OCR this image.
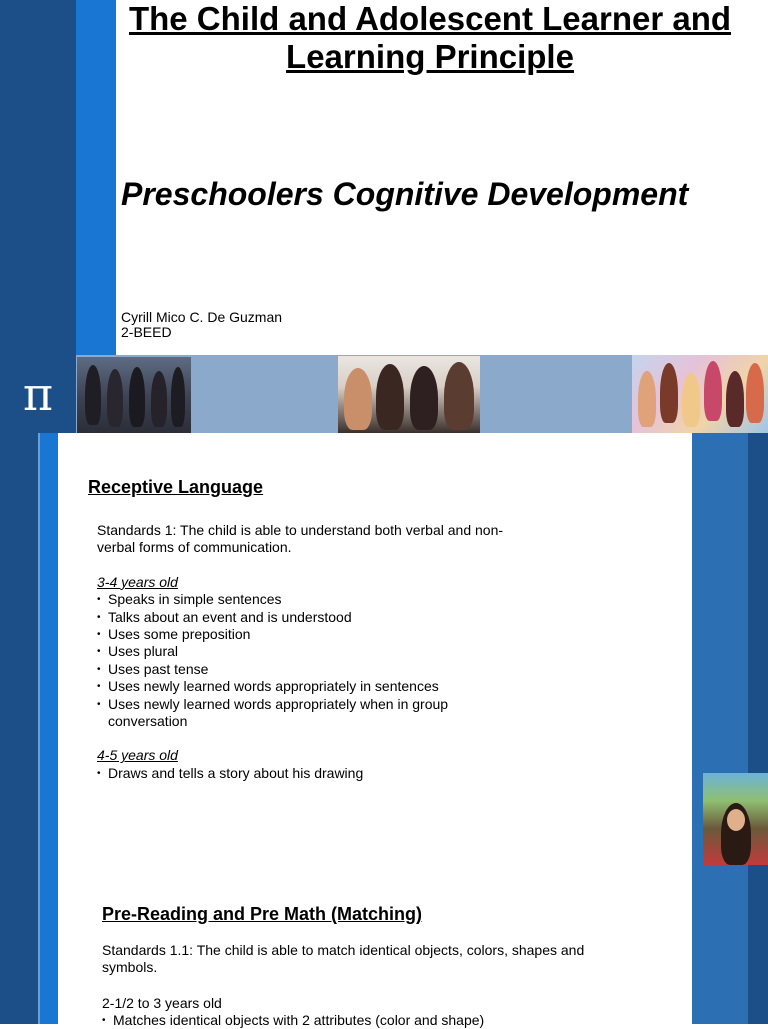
The Child and Adolescent Learner and Learning Principle
Preschoolers Cognitive Development
Cyrill Mico C. De Guzman
2-BEED
π
Receptive Language
Standards 1: The child is able to understand both verbal and non-verbal forms of communication.
3-4 years old
• Speaks in simple sentences
• Talks about an event and is understood
• Uses some preposition
• Uses plural
• Uses past tense
• Uses newly learned words appropriately in sentences
• Uses newly learned words appropriately when in group conversation
4-5 years old
• Draws and tells a story about his drawing
Pre-Reading and Pre Math (Matching)
Standards 1.1: The child is able to match identical objects, colors, shapes and symbols.
2-1/2 to 3 years old
• Matches identical objects with 2 attributes (color and shape)
